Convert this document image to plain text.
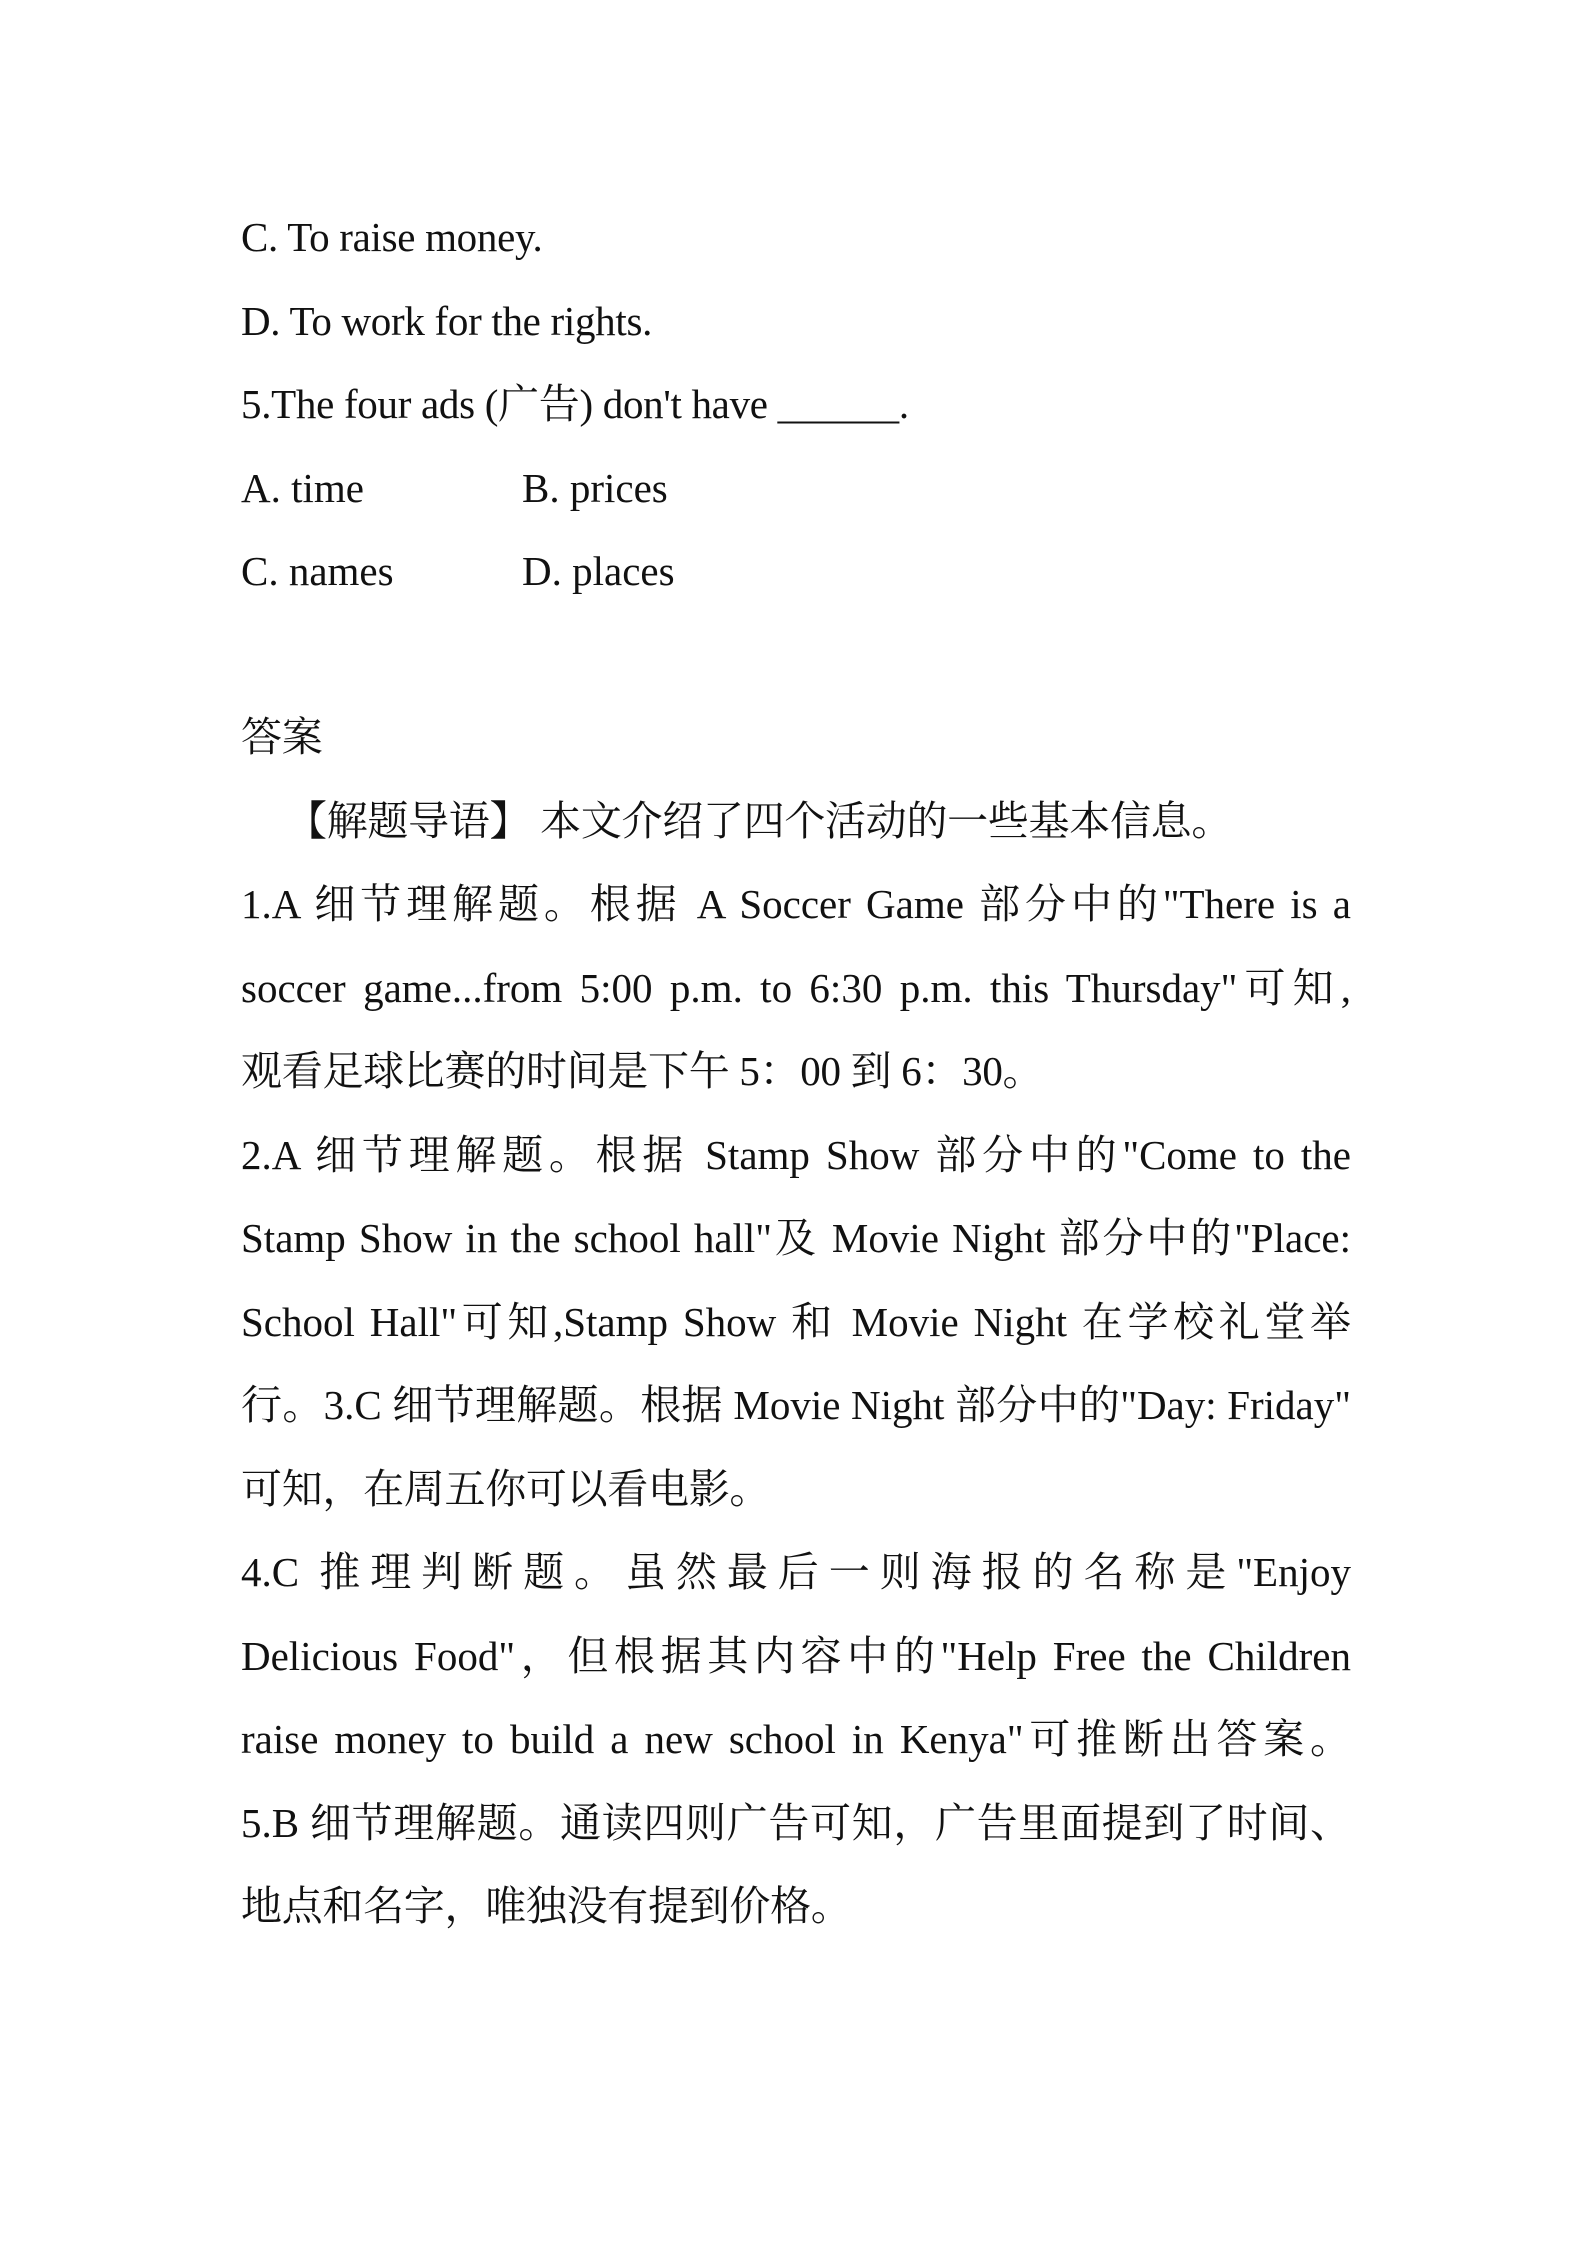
C. To raise money.
D. To work for the rights.
5.The four ads (广告) don't have ______.
A. time	B. prices
C. names	D. places
答案
【解题导语】 本文介绍了四个活动的一些基本信息。
1.A 细节理解题。根据 A Soccer Game 部分中的"There is a
soccer game...from 5:00 p.m. to 6:30 p.m. this Thursday"可知,
观看足球比赛的时间是下午 5：00 到 6：30。
2.A 细节理解题。根据 Stamp Show 部分中的"Come to the
Stamp Show in the school hall"及 Movie Night 部分中的"Place:
School Hall"可知,Stamp Show 和 Movie Night 在学校礼堂举
行。3.C 细节理解题。根据 Movie Night 部分中的"Day: Friday"
可知，在周五你可以看电影。
4.C 推理判断题。虽然最后一则海报的名称是"Enjoy
Delicious Food"，但根据其内容中的"Help Free the Children
raise money to build a new school in Kenya"可推断出答案。
5.B 细节理解题。通读四则广告可知，广告里面提到了时间、
地点和名字，唯独没有提到价格。
